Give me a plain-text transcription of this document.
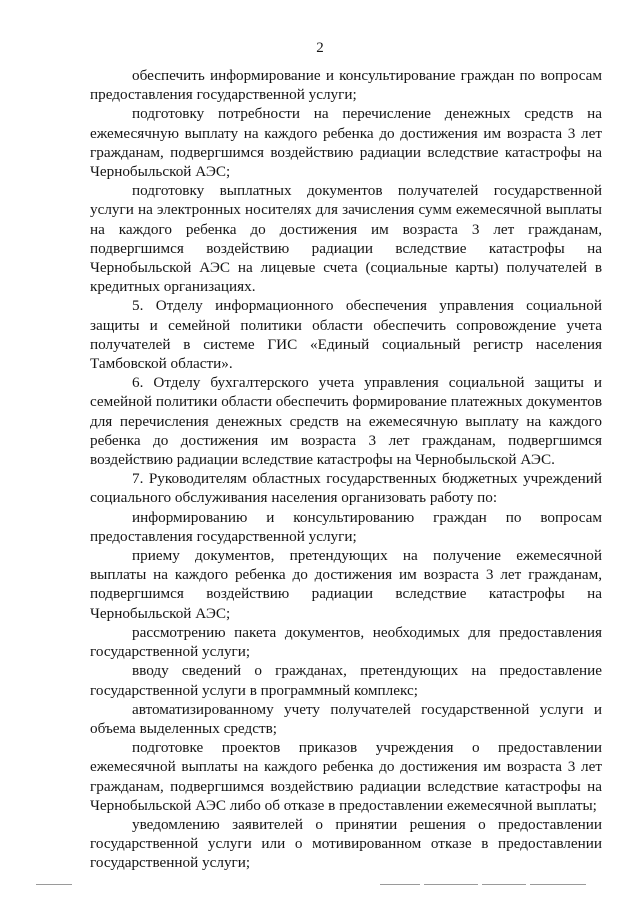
2

обеспечить информирование и консультирование граждан по вопросам предоставления государственной услуги;

подготовку потребности на перечисление денежных средств на ежемесячную выплату на каждого ребенка до достижения им возраста 3 лет гражданам, подвергшимся воздействию радиации вследствие катастрофы на Чернобыльской АЭС;

подготовку выплатных документов получателей государственной услуги на электронных носителях для зачисления сумм ежемесячной выплаты на каждого ребенка до достижения им возраста 3 лет гражданам, подвергшимся воздействию радиации вследствие катастрофы на Чернобыльской АЭС на лицевые счета (социальные карты) получателей в кредитных организациях.

5. Отделу информационного обеспечения управления социальной защиты и семейной политики области обеспечить сопровождение учета получателей в системе ГИС «Единый социальный регистр населения Тамбовской области».

6. Отделу бухгалтерского учета управления социальной защиты и семейной политики области обеспечить формирование платежных документов для перечисления денежных средств на ежемесячную выплату на каждого ребенка до достижения им возраста 3 лет гражданам, подвергшимся воздействию радиации вследствие катастрофы на Чернобыльской АЭС.

7. Руководителям областных государственных бюджетных учреждений социального обслуживания населения организовать работу по:

информированию и консультированию граждан по вопросам предоставления государственной услуги;

приему документов, претендующих на получение ежемесячной выплаты на каждого ребенка до достижения им возраста 3 лет гражданам, подвергшимся воздействию радиации вследствие катастрофы на Чернобыльской АЭС;

рассмотрению пакета документов, необходимых для предоставления государственной услуги;

вводу сведений о гражданах, претендующих на предоставление государственной услуги в программный комплекс;

автоматизированному учету получателей государственной услуги и объема выделенных средств;

подготовке проектов приказов учреждения о предоставлении ежемесячной выплаты на каждого ребенка до достижения им возраста 3 лет гражданам, подвергшимся воздействию радиации вследствие катастрофы на Чернобыльской АЭС либо об отказе в предоставлении ежемесячной выплаты;

уведомлению заявителей о принятии решения о предоставлении государственной услуги или о мотивированном отказе в предоставлении государственной услуги;
